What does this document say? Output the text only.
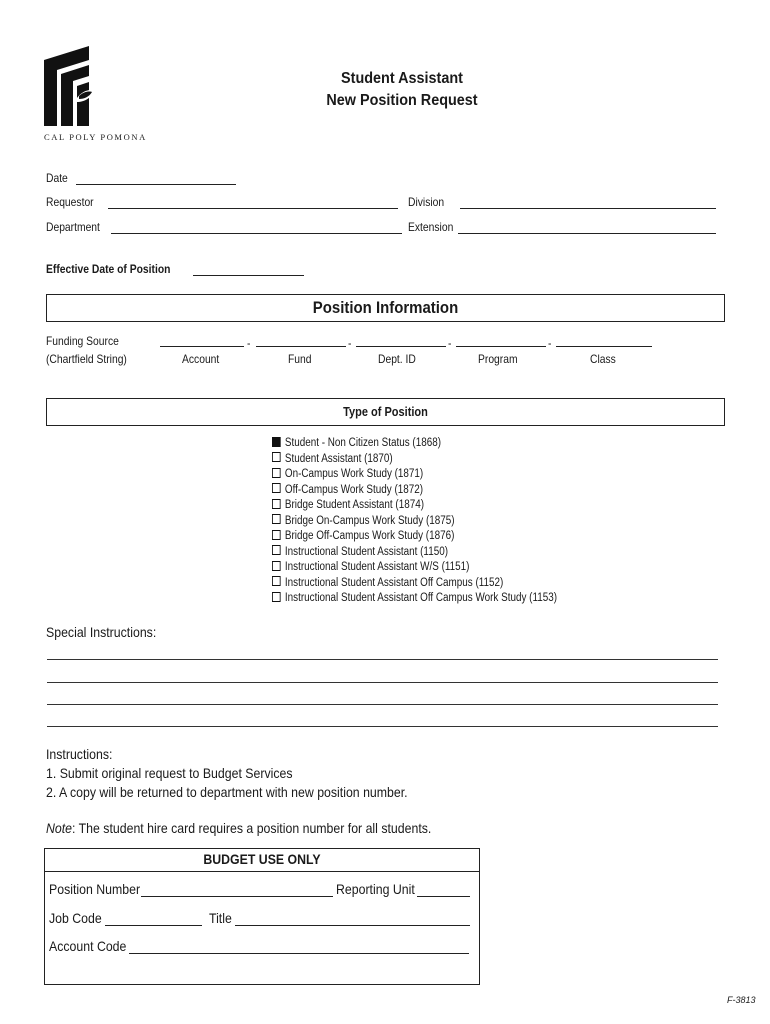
CAL POLY POMONA
Student Assistant
New Position Request
Date
Requestor	Division
Department	Extension
Effective Date of Position
Position Information
Funding Source
(Chartfield String)
-	-	-	-
Account	Fund	Dept. ID	Program	Class
Type of Position
Student - Non Citizen Status (1868)
Student Assistant (1870)
On-Campus Work Study (1871)
Off-Campus Work Study (1872)
Bridge Student Assistant (1874)
Bridge On-Campus Work Study (1875)
Bridge Off-Campus Work Study (1876)
Instructional Student Assistant (1150)
Instructional Student Assistant W/S (1151)
Instructional Student Assistant Off Campus (1152)
Instructional Student Assistant Off Campus Work Study (1153)
Special Instructions:
Instructions:
1. Submit original request to Budget Services
2. A copy will be returned to department with new position number.
Note: The student hire card requires a position number for all students.
BUDGET USE ONLY
Position Number	Reporting Unit
Job Code	Title
Account Code
F-3813
